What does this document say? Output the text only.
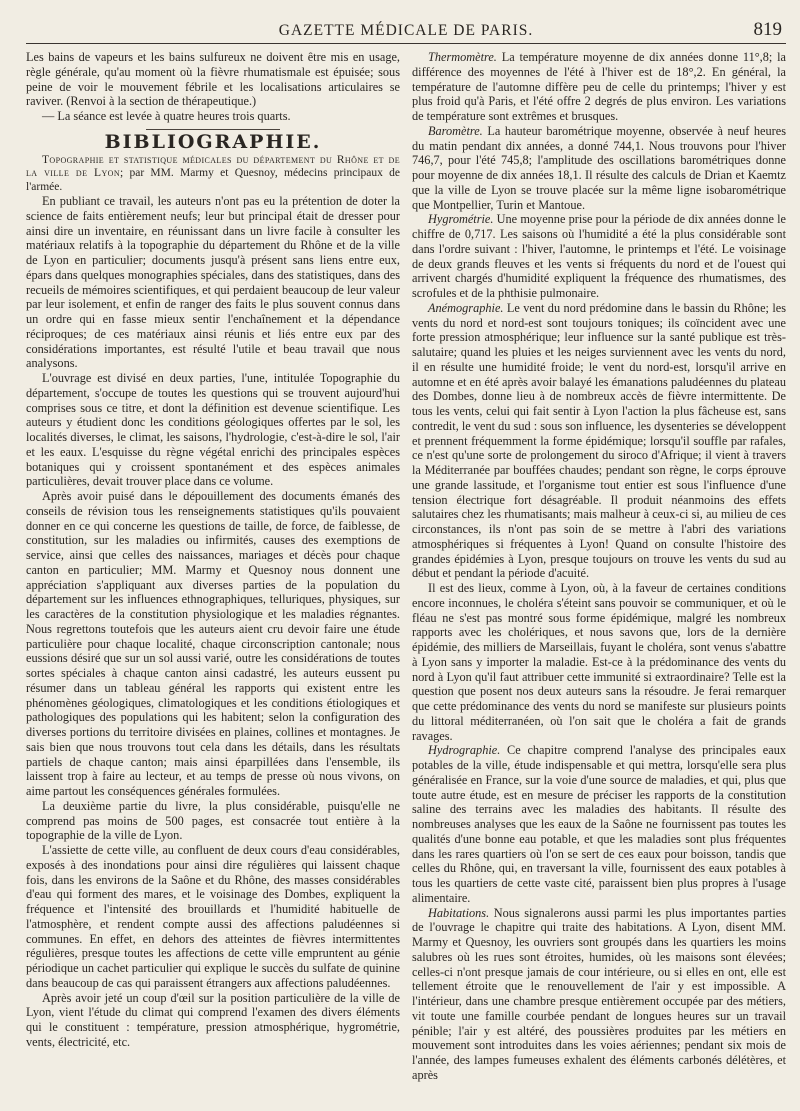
GAZETTE MÉDICALE DE PARIS.	819

Les bains de vapeurs et les bains sulfureux ne doivent être mis en usage, règle générale, qu'au moment où la fièvre rhumatismale est épuisée; sous peine de voir le mouvement fébrile et les localisations articulaires se raviver. (Renvoi à la section de thérapeutique.)

— La séance est levée à quatre heures trois quarts.

BIBLIOGRAPHIE.

Topographie et statistique médicales du département du Rhône et de la ville de Lyon; par MM. Marmy et Quesnoy, médecins principaux de l'armée.

En publiant ce travail, les auteurs n'ont pas eu la prétention de doter la science de faits entièrement neufs; leur but principal était de dresser pour ainsi dire un inventaire, en réunissant dans un livre facile à consulter les matériaux relatifs à la topographie du département du Rhône et de la ville de Lyon en particulier; documents jusqu'à présent sans liens entre eux, épars dans quelques monographies spéciales, dans des statistiques, dans des recueils de mémoires scientifiques, et qui perdaient beaucoup de leur valeur par leur isolement, et enfin de ranger des faits le plus souvent connus dans un ordre qui en fasse mieux sentir l'enchaînement et la dépendance réciproques; de ces matériaux ainsi réunis et liés entre eux par des considérations importantes, est résulté l'utile et beau travail que nous analysons.

L'ouvrage est divisé en deux parties, l'une, intitulée Topographie du département, s'occupe de toutes les questions qui se trouvent aujourd'hui comprises sous ce titre, et dont la définition est devenue scientifique. Les auteurs y étudient donc les conditions géologiques offertes par le sol, les localités diverses, le climat, les saisons, l'hydrologie, c'est-à-dire le sol, l'air et les eaux. L'esquisse du règne végétal enrichi des principales espèces botaniques qui y croissent spontanément et des espèces animales particulières, devait trouver place dans ce volume.

Après avoir puisé dans le dépouillement des documents émanés des conseils de révision tous les renseignements statistiques qu'ils pouvaient donner en ce qui concerne les questions de taille, de force, de faiblesse, de constitution, sur les maladies ou infirmités, causes des exemptions de service, ainsi que celles des naissances, mariages et décès pour chaque canton en particulier; MM. Marmy et Quesnoy nous donnent une appréciation s'appliquant aux diverses parties de la population du département sur les influences ethnographiques, telluriques, physiques, sur les caractères de la constitution physiologique et les maladies régnantes. Nous regrettons toutefois que les auteurs aient cru devoir faire une étude particulière pour chaque localité, chaque circonscription cantonale; nous eussions désiré que sur un sol aussi varié, outre les considérations de toutes sortes spéciales à chaque canton ainsi cadastré, les auteurs eussent pu résumer dans un tableau général les rapports qui existent entre les phénomènes géologiques, climatologiques et les conditions étiologiques et pathologiques des populations qui les habitent; selon la configuration des diverses portions du territoire divisées en plaines, collines et montagnes. Je sais bien que nous trouvons tout cela dans les détails, dans les résultats partiels de chaque canton; mais ainsi éparpillées dans l'ensemble, ils laissent trop à faire au lecteur, et au temps de presse où nous vivons, on aime partout les conséquences générales formulées.

La deuxième partie du livre, la plus considérable, puisqu'elle ne comprend pas moins de 500 pages, est consacrée tout entière à la topographie de la ville de Lyon.

L'assiette de cette ville, au confluent de deux cours d'eau considérables, exposés à des inondations pour ainsi dire régulières qui laissent chaque fois, dans les environs de la Saône et du Rhône, des masses considérables d'eau qui forment des mares, et le voisinage des Dombes, expliquent la fréquence et l'intensité des brouillards et l'humidité habituelle de l'atmosphère, et rendent compte aussi des affections paludéennes si communes. En effet, en dehors des atteintes de fièvres intermittentes régulières, presque toutes les affections de cette ville empruntent au génie périodique un cachet particulier qui explique le succès du sulfate de quinine dans beaucoup de cas qui paraissent étrangers aux affections paludéennes.

Après avoir jeté un coup d'œil sur la position particulière de la ville de Lyon, vient l'étude du climat qui comprend l'examen des divers éléments qui le constituent : température, pression atmosphérique, hygrométrie, vents, électricité, etc.

Thermomètre. La température moyenne de dix années donne 11°,8; la différence des moyennes de l'été à l'hiver est de 18°,2. En général, la température de l'automne diffère peu de celle du printemps; l'hiver y est plus froid qu'à Paris, et l'été offre 2 degrés de plus environ. Les variations de température sont extrêmes et brusques.

Baromètre. La hauteur barométrique moyenne, observée à neuf heures du matin pendant dix années, a donné 744,1. Nous trouvons pour l'hiver 746,7, pour l'été 745,8; l'amplitude des oscillations barométriques donne pour moyenne de dix années 18,1. Il résulte des calculs de Drian et Kaemtz que la ville de Lyon se trouve placée sur la même ligne isobarométrique que Montpellier, Turin et Mantoue.

Hygrométrie. Une moyenne prise pour la période de dix années donne le chiffre de 0,717. Les saisons où l'humidité a été la plus considérable sont dans l'ordre suivant : l'hiver, l'automne, le printemps et l'été. Le voisinage de deux grands fleuves et les vents si fréquents du nord et de l'ouest qui arrivent chargés d'humidité expliquent la fréquence des rhumatismes, des scrofules et de la phthisie pulmonaire.

Anémographie. Le vent du nord prédomine dans le bassin du Rhône; les vents du nord et nord-est sont toujours toniques; ils coïncident avec une forte pression atmosphérique; leur influence sur la santé publique est très-salutaire; quand les pluies et les neiges surviennent avec les vents du nord, il en résulte une humidité froide; le vent du nord-est, lorsqu'il arrive en automne et en été après avoir balayé les émanations paludéennes du plateau des Dombes, donne lieu à de nombreux accès de fièvre intermittente. De tous les vents, celui qui fait sentir à Lyon l'action la plus fâcheuse est, sans contredit, le vent du sud : sous son influence, les dysenteries se développent et prennent fréquemment la forme épidémique; lorsqu'il souffle par rafales, ce n'est qu'une sorte de prolongement du siroco d'Afrique; il vient à travers la Méditerranée par bouffées chaudes; pendant son règne, le corps éprouve une grande lassitude, et l'organisme tout entier est sous l'influence d'une tension électrique fort désagréable. Il produit néanmoins des effets salutaires chez les rhumatisants; mais malheur à ceux-ci si, au milieu de ces circonstances, ils n'ont pas soin de se mettre à l'abri des variations atmosphériques si fréquentes à Lyon! Quand on consulte l'histoire des grandes épidémies à Lyon, presque toujours on trouve les vents du sud au début et pendant la période d'acuité.

Il est des lieux, comme à Lyon, où, à la faveur de certaines conditions encore inconnues, le choléra s'éteint sans pouvoir se communiquer, et où le fléau ne s'est pas montré sous forme épidémique, malgré les nombreux rapports avec les cholériques, et nous savons que, lors de la dernière épidémie, des milliers de Marseillais, fuyant le choléra, sont venus s'abattre à Lyon sans y importer la maladie. Est-ce à la prédominance des vents du nord à Lyon qu'il faut attribuer cette immunité si extraordinaire? Telle est la question que posent nos deux auteurs sans la résoudre. Je ferai remarquer que cette prédominance des vents du nord se manifeste sur plusieurs points du littoral méditerranéen, où l'on sait que le choléra a fait de grands ravages.

Hydrographie. Ce chapitre comprend l'analyse des principales eaux potables de la ville, étude indispensable et qui mettra, lorsqu'elle sera plus généralisée en France, sur la voie d'une source de maladies, et qui, plus que toute autre étude, est en mesure de préciser les rapports de la constitution saline des terrains avec les maladies des habitants. Il résulte des nombreuses analyses que les eaux de la Saône ne fournissent pas toutes les qualités d'une bonne eau potable, et que les maladies sont plus fréquentes dans les rares quartiers où l'on se sert de ces eaux pour boisson, tandis que celles du Rhône, qui, en traversant la ville, fournissent des eaux potables à tous les quartiers de cette vaste cité, paraissent bien plus propres à l'usage alimentaire.

Habitations. Nous signalerons aussi parmi les plus importantes parties de l'ouvrage le chapitre qui traite des habitations. A Lyon, disent MM. Marmy et Quesnoy, les ouvriers sont groupés dans les quartiers les moins salubres où les rues sont étroites, humides, où les maisons sont élevées; celles-ci n'ont presque jamais de cour intérieure, ou si elles en ont, elle est tellement étroite que le renouvellement de l'air y est impossible. A l'intérieur, dans une chambre presque entièrement occupée par des métiers, vit toute une famille courbée pendant de longues heures sur un travail pénible; l'air y est altéré, des poussières produites par les métiers en mouvement sont introduites dans les voies aériennes; pendant six mois de l'année, des lampes fumeuses exhalent des éléments carbonés délétères, et après
